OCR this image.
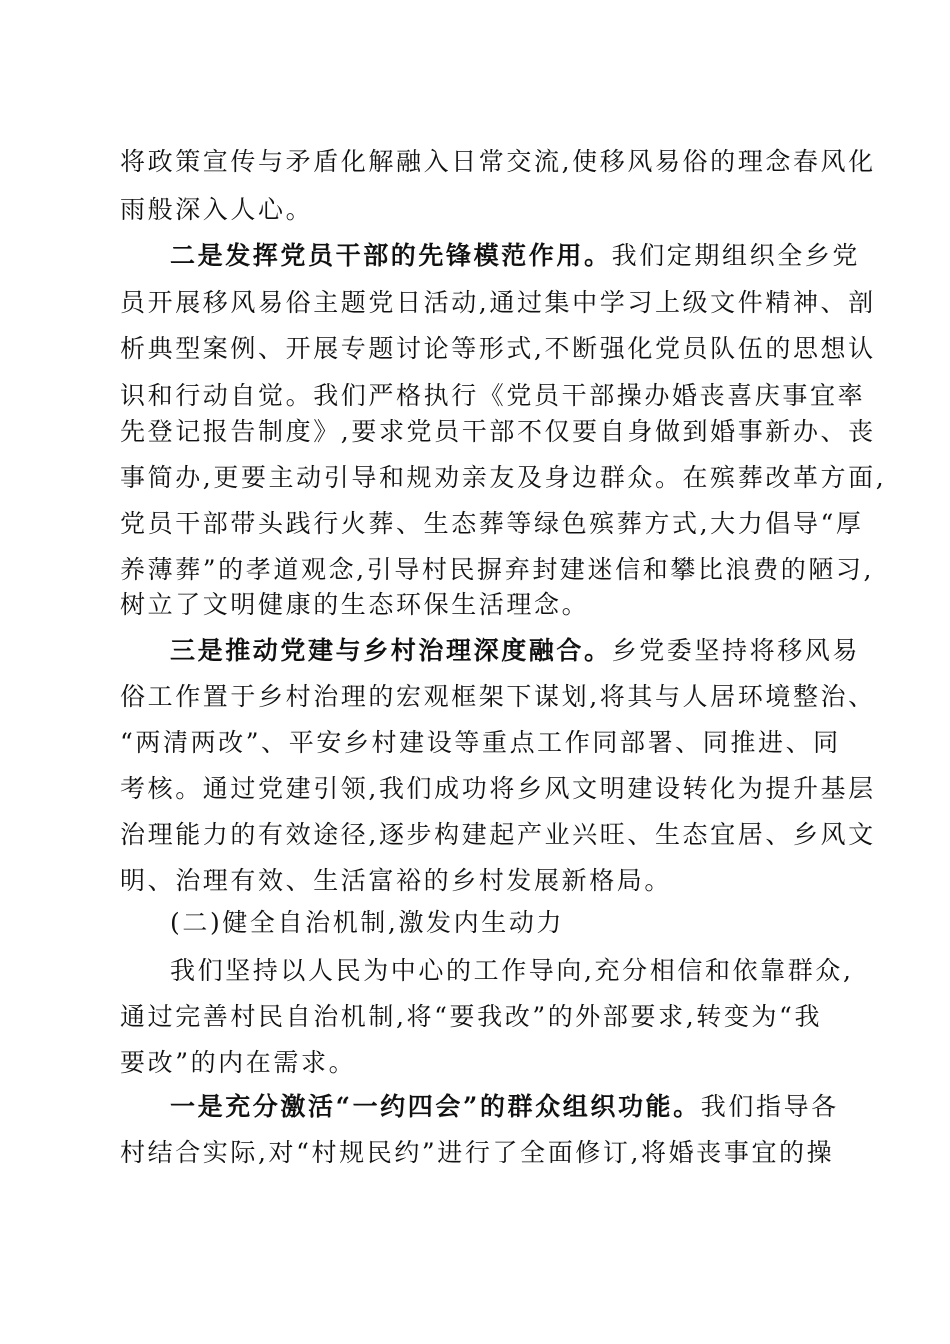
将政策宣传与矛盾化解融入日常交流,使移风易俗的理念春风化
雨般深入人心。
二是发挥党员干部的先锋模范作用。我们定期组织全乡党
员开展移风易俗主题党日活动,通过集中学习上级文件精神、剖
析典型案例、开展专题讨论等形式,不断强化党员队伍的思想认
识和行动自觉。我们严格执行《党员干部操办婚丧喜庆事宜率
先登记报告制度》,要求党员干部不仅要自身做到婚事新办、丧
事简办,更要主动引导和规劝亲友及身边群众。在殡葬改革方面,
党员干部带头践行火葬、生态葬等绿色殡葬方式,大力倡导“厚
养薄葬”的孝道观念,引导村民摒弃封建迷信和攀比浪费的陋习,
树立了文明健康的生态环保生活理念。
三是推动党建与乡村治理深度融合。乡党委坚持将移风易
俗工作置于乡村治理的宏观框架下谋划,将其与人居环境整治、
“两清两改”、平安乡村建设等重点工作同部署、同推进、同
考核。通过党建引领,我们成功将乡风文明建设转化为提升基层
治理能力的有效途径,逐步构建起产业兴旺、生态宜居、乡风文
明、治理有效、生活富裕的乡村发展新格局。
(二)健全自治机制,激发内生动力
我们坚持以人民为中心的工作导向,充分相信和依靠群众,
通过完善村民自治机制,将“要我改”的外部要求,转变为“我
要改”的内在需求。
一是充分激活“一约四会”的群众组织功能。我们指导各
村结合实际,对“村规民约”进行了全面修订,将婚丧事宜的操
